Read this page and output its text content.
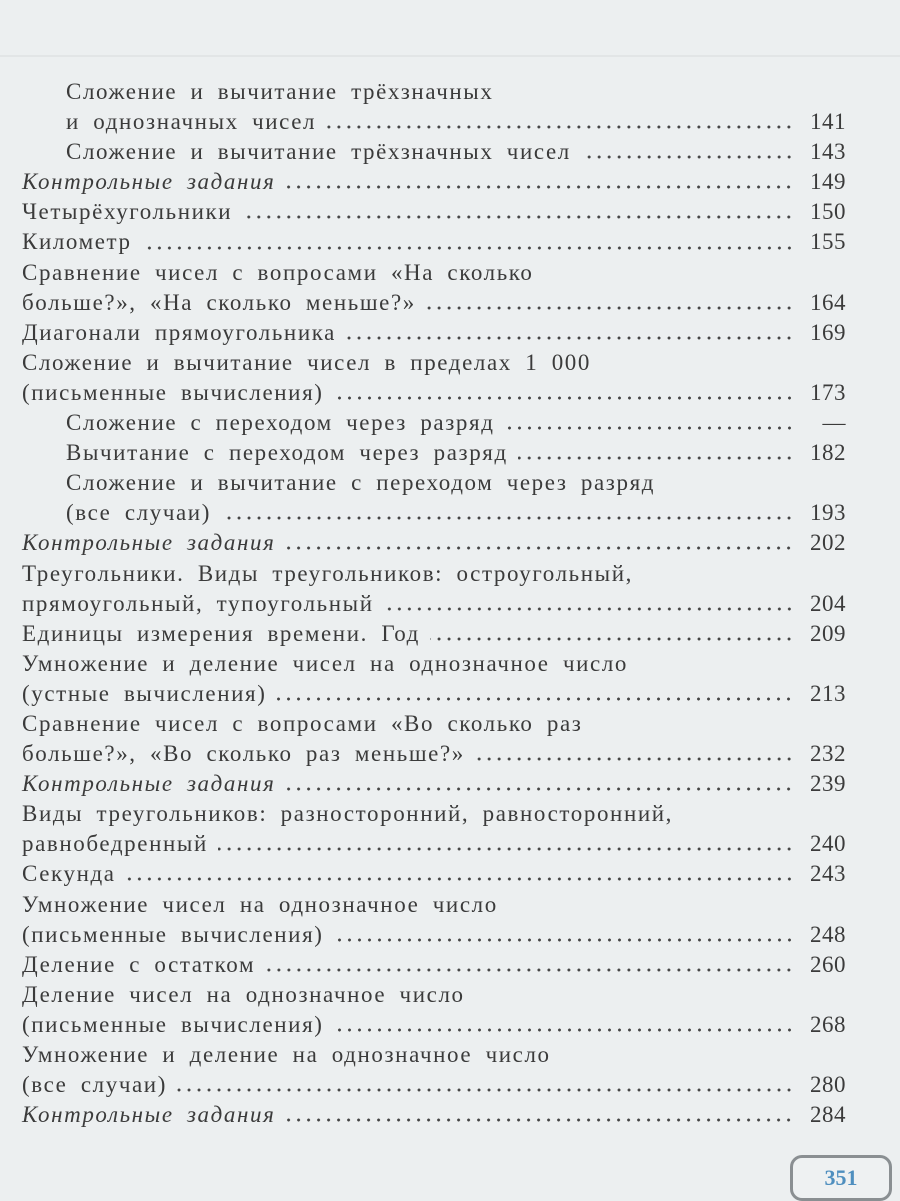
Сложение и вычитание трёхзначных
и однозначных чисел	141
Сложение и вычитание трёхзначных чисел	143
Контрольные задания	149
Четырёхугольники	150
Километр	155
Сравнение чисел с вопросами «На сколько
больше?», «На сколько меньше?»	164
Диагонали прямоугольника	169
Сложение и вычитание чисел в пределах 1 000
(письменные вычисления)	173
Сложение с переходом через разряд	—
Вычитание с переходом через разряд	182
Сложение и вычитание с переходом через разряд
(все случаи)	193
Контрольные задания	202
Треугольники. Виды треугольников: остроугольный,
прямоугольный, тупоугольный	204
Единицы измерения времени. Год	209
Умножение и деление чисел на однозначное число
(устные вычисления)	213
Сравнение чисел с вопросами «Во сколько раз
больше?», «Во сколько раз меньше?»	232
Контрольные задания	239
Виды треугольников: разносторонний, равносторонний,
равнобедренный	240
Секунда	243
Умножение чисел на однозначное число
(письменные вычисления)	248
Деление с остатком	260
Деление чисел на однозначное число
(письменные вычисления)	268
Умножение и деление на однозначное число
(все случаи)	280
Контрольные задания	284
351
